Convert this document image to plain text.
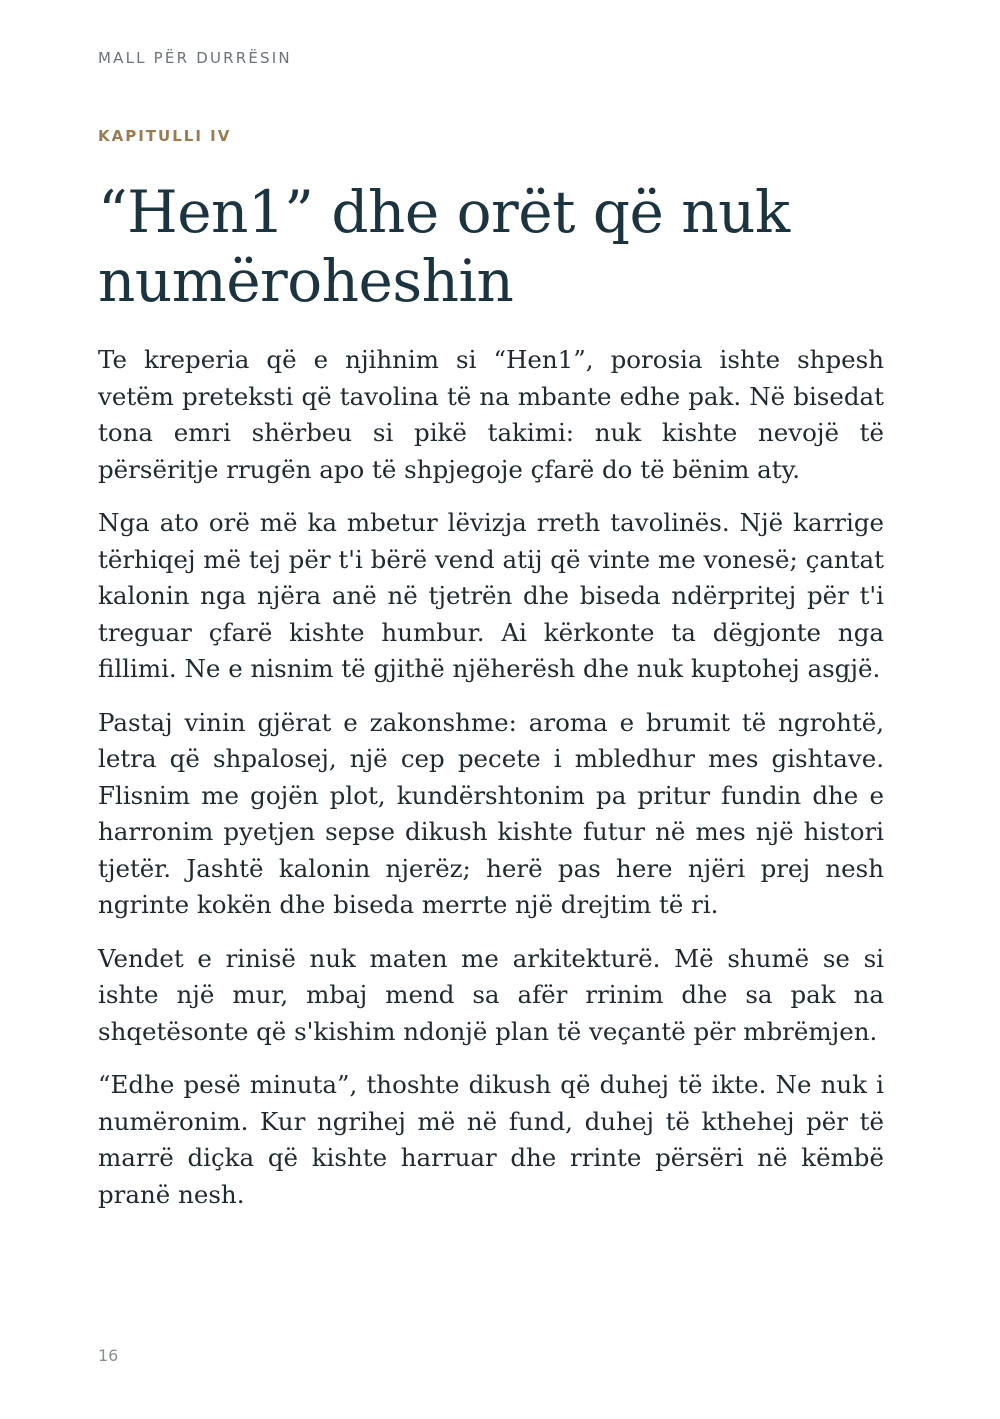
MALL PËR DURRËSIN
KAPITULLI IV
“Hen1” dhe orët që nuk numëroheshin

Te kreperia që e njihnim si “Hen1”, porosia ishte shpesh vetëm preteksti që tavolina të na mbante edhe pak. Në bisedat tona emri shërbeu si pikë takimi: nuk kishte nevojë të përsëritje rrugën apo të shpjegoje çfarë do të bënim aty.

Nga ato orë më ka mbetur lëvizja rreth tavolinës. Një karrige tërhiqej më tej për t'i bërë vend atij që vinte me vonesë; çantat kalonin nga njëra anë në tjetrën dhe biseda ndërpritej për t'i treguar çfarë kishte humbur. Ai kërkonte ta dëgjonte nga fillimi. Ne e nisnim të gjithë njëherësh dhe nuk kuptohej asgjë.

Pastaj vinin gjërat e zakonshme: aroma e brumit të ngrohtë, letra që shpalosej, një cep pecete i mbledhur mes gishtave. Flisnim me gojën plot, kundërshtonim pa pritur fundin dhe e harronim pyetjen sepse dikush kishte futur në mes një histori tjetër. Jashtë kalonin njerëz; herë pas here njëri prej nesh ngrinte kokën dhe biseda merrte një drejtim të ri.

Vendet e rinisë nuk maten me arkitekturë. Më shumë se si ishte një mur, mbaj mend sa afër rrinim dhe sa pak na shqetësonte që s'kishim ndonjë plan të veçantë për mbrëmjen.

“Edhe pesë minuta”, thoshte dikush që duhej të ikte. Ne nuk i numëronim. Kur ngrihej më në fund, duhej të kthehej për të marrë diçka që kishte harruar dhe rrinte përsëri në këmbë pranë nesh.

16
